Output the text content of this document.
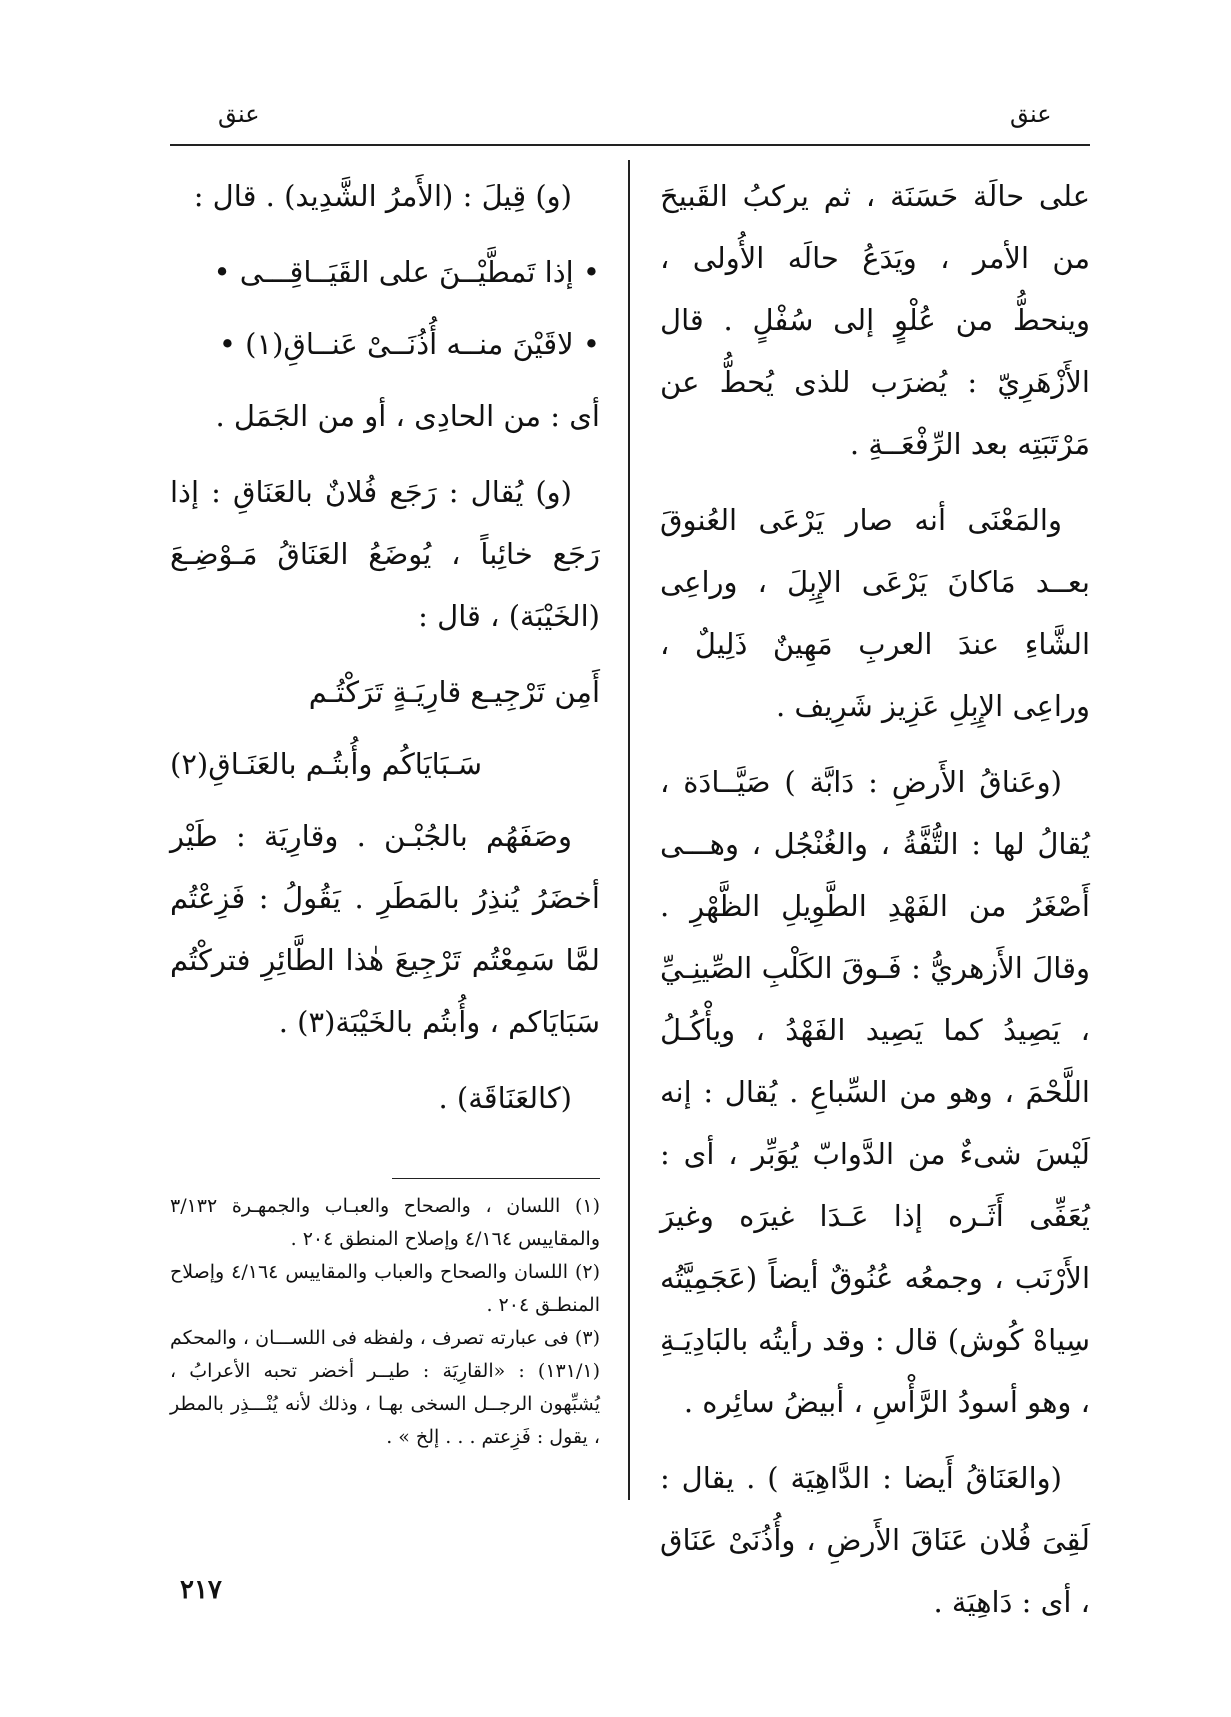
عنق
عنق

على حالَة حَسَنَة ، ثم يركبُ القَبيحَ من الأمر ، ويَدَعُ حالَه الأُولى ، وينحطُّ من عُلْوٍ إلى سُفْلٍ . قال الأَزْهَرِيّ : يُضرَب للذى يُحطُّ عن مَرْتَبَتِه بعد الرِّفْعَــةِ .

والمَعْنَى أنه صار يَرْعَى العُنوقَ بعــد مَاكانَ يَرْعَى الإِبِلَ ، وراعِى الشَّاءِ عندَ العربِ مَهِينٌ ذَلِيلٌ ، وراعِى الإِبِلِ عَزِيز شَرِيف .

(وعَناقُ الأَرضِ : دَابَّة ) صَيَّــادَة ، يُقالُ لها : التُّفَّةُ ، والغُنْجُل ، وهـــى أَصْغَرُ من الفَهْدِ الطَّوِيلِ الظَّهْرِ . وقالَ الأَزهريُّ : فَـوقَ الكَلْبِ الصِّينِـيِّ ، يَصِيدُ كما يَصِيد الفَهْدُ ، ويأْكُـلُ اللَّحْمَ ، وهو من السِّباعِ . يُقال : إنه لَيْسَ شىءٌ من الدَّوابّ يُوَبِّر ، أى : يُعَفِّى أَثَـره إذا عَـدَا غيرَه وغيرَ الأَرْنَب ، وجمعُه عُنُوقٌ أيضاً (عَجَمِيَّتُه سِياهْ كُوش) قال : وقد رأيتُه بالبَادِيَـةِ ، وهو أسودُ الرَّأْسِ ، أبيضُ سائِره .

(والعَنَاقُ أَيضا : الدَّاهِيَة ) . يقال : لَقِىَ فُلان عَنَاقَ الأَرضِ ، وأُذُنَىْ عَنَاق ، أى : دَاهِيَة .

(و) قِيلَ : (الأَمرُ الشَّدِيد) . قال :

• إذا تَمطَّيْــنَ على القَيَــاقِـــى •
• لاقَيْنَ منــه أُذُنَــىْ عَنــاقِ(١) •

أى : من الحادِى ، أو من الجَمَل .

(و) يُقال : رَجَع فُلانٌ بالعَنَاقِ : إذا رَجَع خائِباً ، يُوضَعُ العَنَاقُ مَـوْضِـعَ (الخَيْبَة) ، قال :

أَمِن تَرْجِيـع قارِيَـةٍ تَرَكْتُـم
سَـبَايَاكُم وأُبتُـم بالعَنَـاقِ(٢)

وصَفَهُم بالجُبْـن . وقارِيَة : طَيْر أخضَرُ يُنذِرُ بالمَطَرِ . يَقُولُ : فَزِعْتُم لمَّا سَمِعْتُم تَرْجِيعَ هٰذا الطَّائِرِ فتركْتُم سَبَايَاكم ، وأُبتُم بالخَيْبَة(٣) .

(كالعَنَاقَة) .

(١) اللسان ، والصحاح والعبـاب والجمهـرة ٣/١٣٢ والمقاييس ٤/١٦٤ وإصلاح المنطق ٢٠٤ .

(٢) اللسان والصحاح والعباب والمقاييس ٤/١٦٤ وإصلاح المنطـق ٢٠٤ .

(٣) فى عبارته تصرف ، ولفظه فى اللســـان ، والمحكم (١٣١/١) : «القارِيَة : طيــر أخضر تحبه الأعرابُ ، يُشبِّهون الرجــل السخى بهـا ، وذلك لأنه يُنْـــذِر بالمطر ، يقول : فَزِعتم . . . إلخ » .

٢١٧
